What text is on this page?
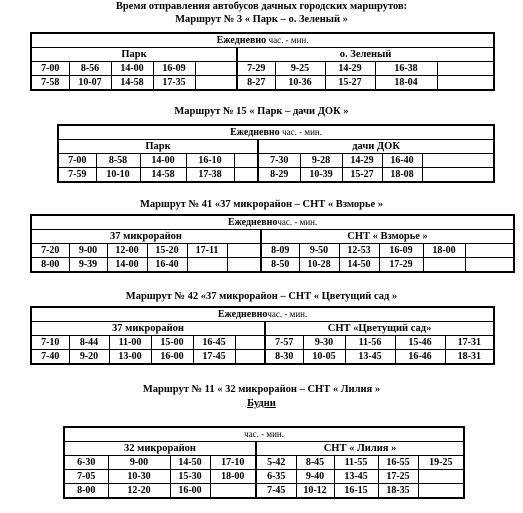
Время отправления автобусов дачных городских маршрутов:
Маршрут № 3 « Парк – о. Зеленый »
Ежедневно час. - мин.									
Парк					о. Зеленый				
7-00	8-56	14-00	16-09		7-29	9-25	14-29	16-38	
7-58	10-07	14-58	17-35		8-27	10-36	15-27	18-04	
Маршрут № 15 « Парк – дачи ДОК »
Ежедневно час. - мин.									
Парк					дачи ДОК				
7-00	8-58	14-00	16-10		7-30	9-28	14-29	16-40	
7-59	10-10	14-58	17-38		8-29	10-39	15-27	18-08	
Маршрут № 41 «37 микрорайон – СНТ « Взморье »
Ежедневночас. - мин.											
37 микрорайон						СНТ « Взморье »					
7-20	9-00	12-00	15-20	17-11		8-09	9-50	12-53	16-09	18-00	
8-00	9-39	14-00	16-40			8-50	10-28	14-50	17-29		
Маршрут № 42 «37 микрорайон – СНТ « Цветущий сад »
Ежедневночас. - мин.										
37 микрорайон						СНТ «Цветущий сад»				
7-10	8-44	11-00	15-00	16-45		7-57	9-30	11-56	15-46	17-31
7-40	9-20	13-00	16-00	17-45		8-30	10-05	13-45	16-46	18-31
Маршрут № 11 « 32 микрорайон – СНТ « Лилия »
Будни
час. - мин.								
32 микрорайон				СНТ « Лилия »				
6-30	9-00	14-50	17-10	5-42	8-45	11-55	16-55	19-25
7-05	10-30	15-30	18-00	6-35	9-40	13-45	17-25	
8-00	12-20	16-00		7-45	10-12	16-15	18-35	
